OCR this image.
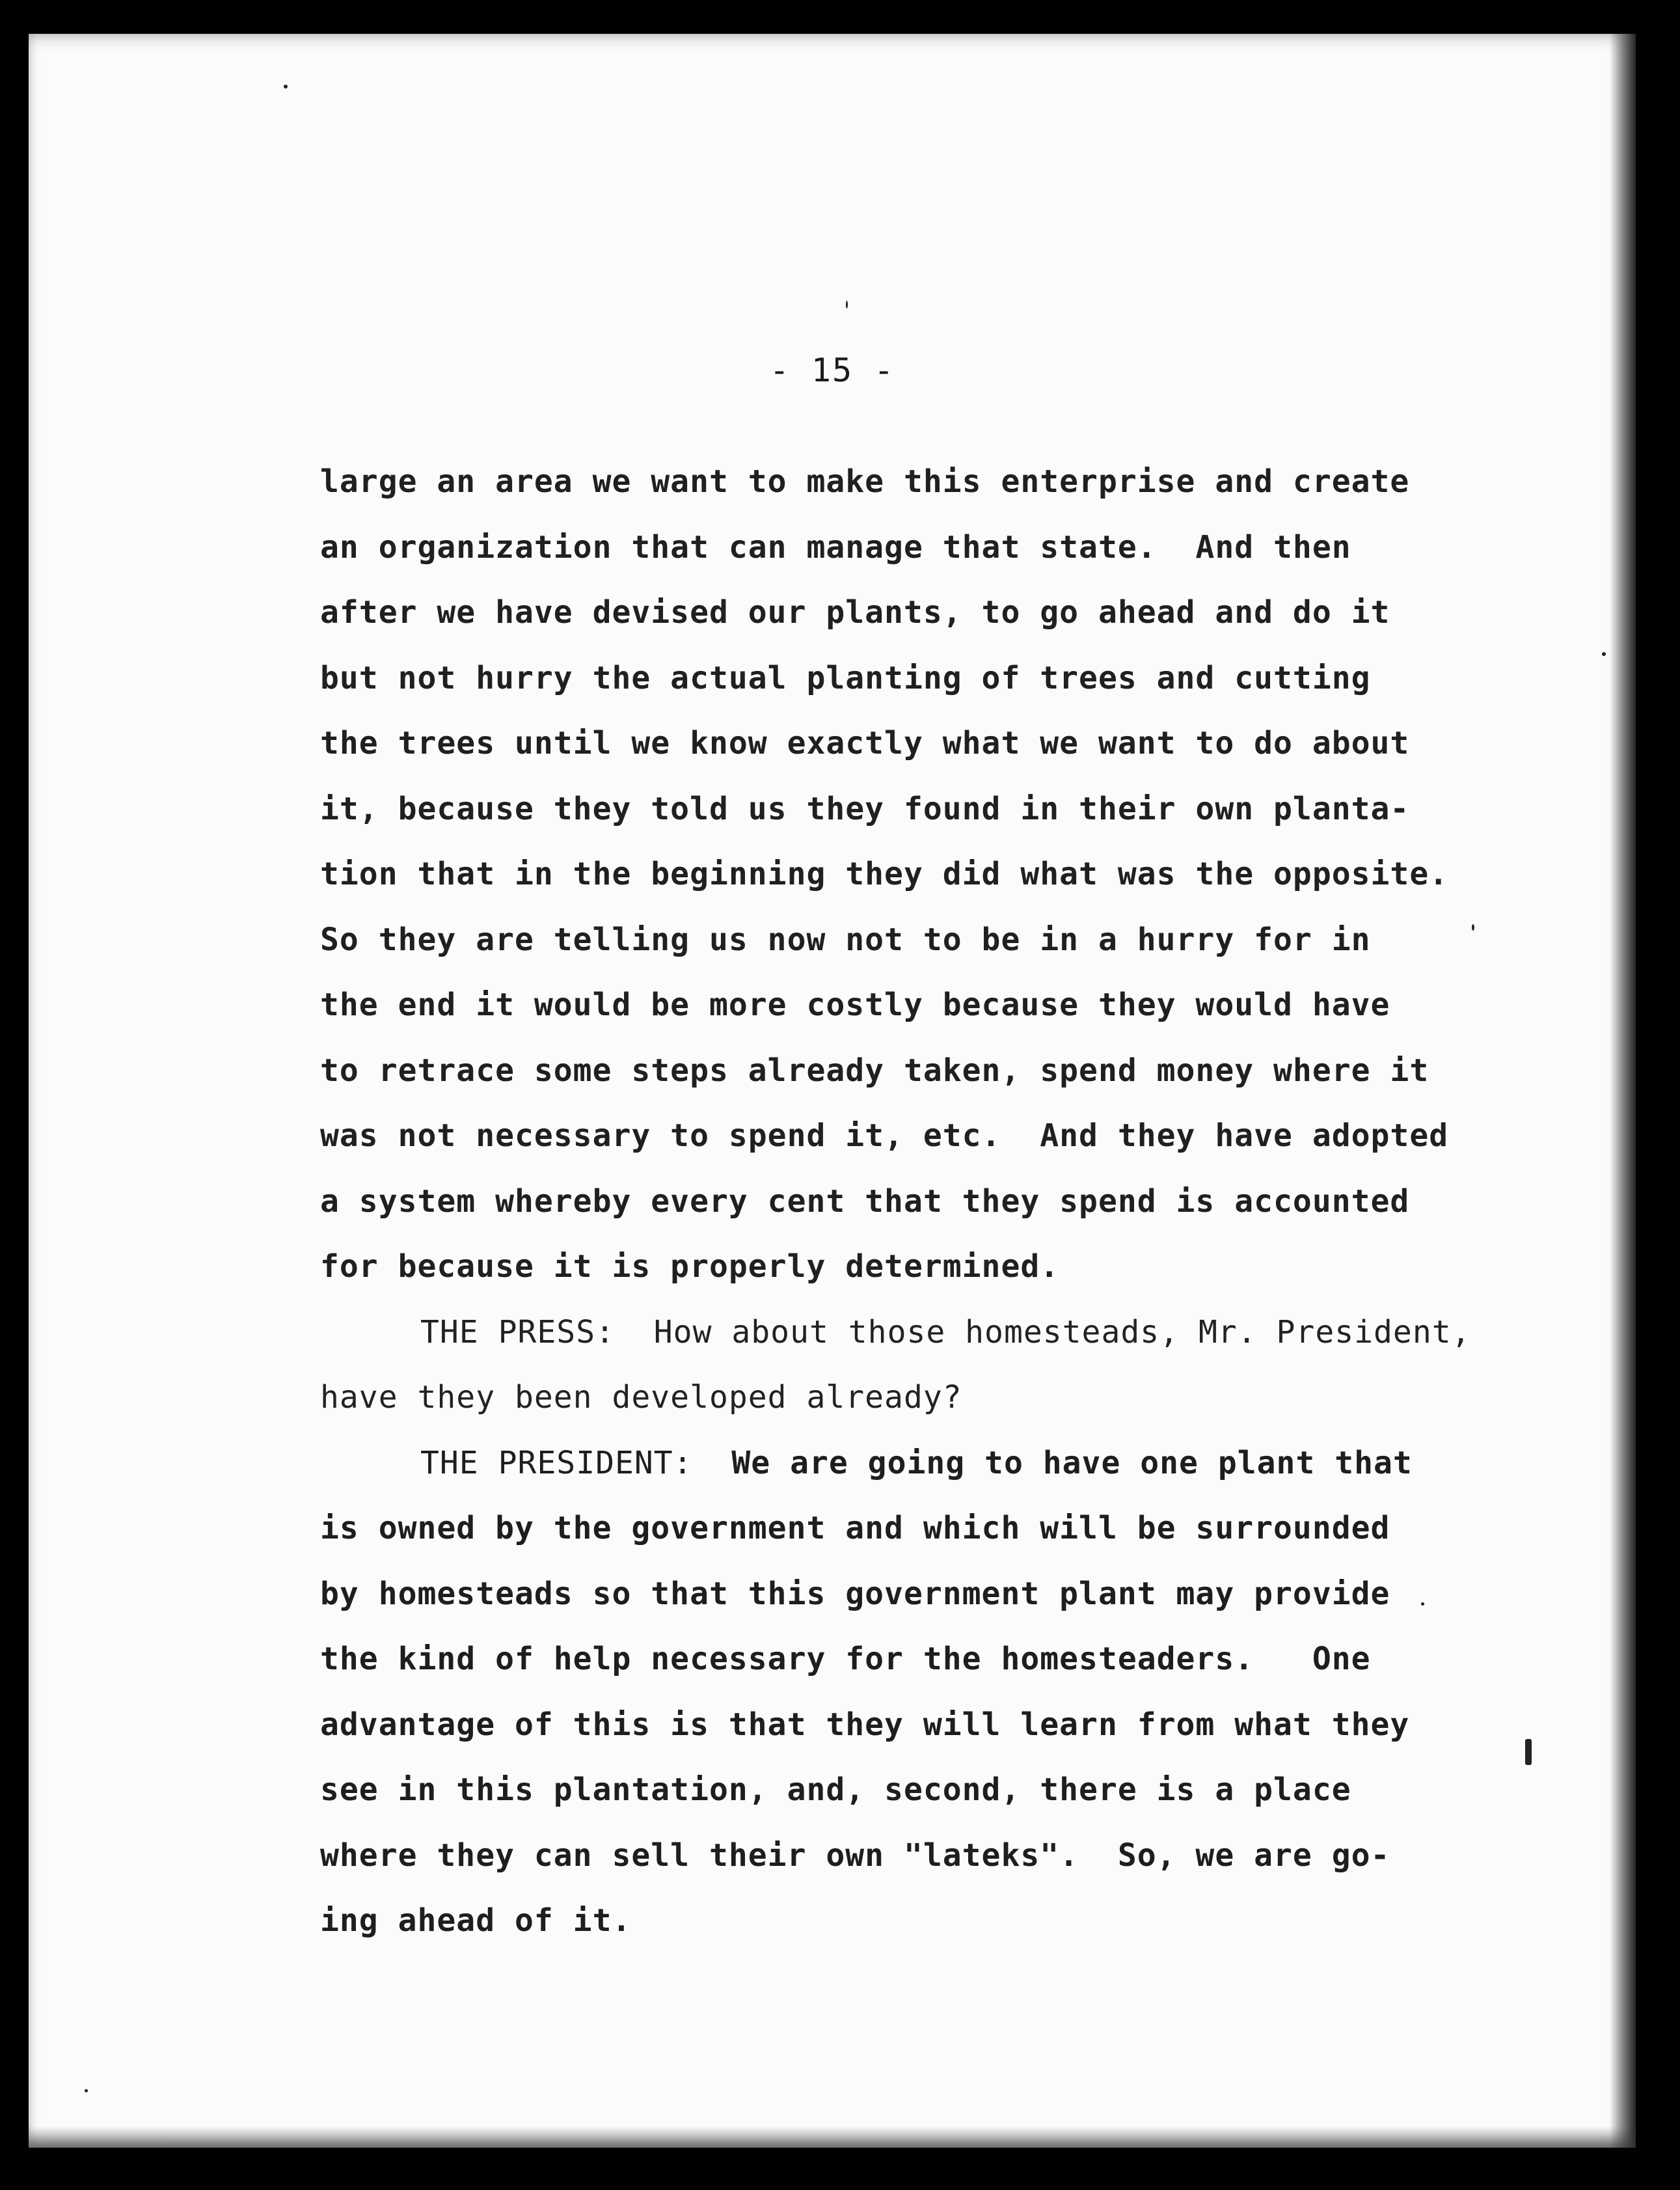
- 15 -
large an area we want to make this enterprise and create
an organization that can manage that state.  And then
after we have devised our plants, to go ahead and do it
but not hurry the actual planting of trees and cutting
the trees until we know exactly what we want to do about
it, because they told us they found in their own planta-
tion that in the beginning they did what was the opposite.
So they are telling us now not to be in a hurry for in
the end it would be more costly because they would have
to retrace some steps already taken, spend money where it
was not necessary to spend it, etc.  And they have adopted
a system whereby every cent that they spend is accounted
for because it is properly determined.
THE PRESS: How about those homesteads, Mr. President,
have they been developed already?
THE PRESIDENT: We are going to have one plant that
is owned by the government and which will be surrounded
by homesteads so that this government plant may provide
the kind of help necessary for the homesteaders.   One
advantage of this is that they will learn from what they
see in this plantation, and, second, there is a place
where they can sell their own "lateks".  So, we are go-
ing ahead of it.
